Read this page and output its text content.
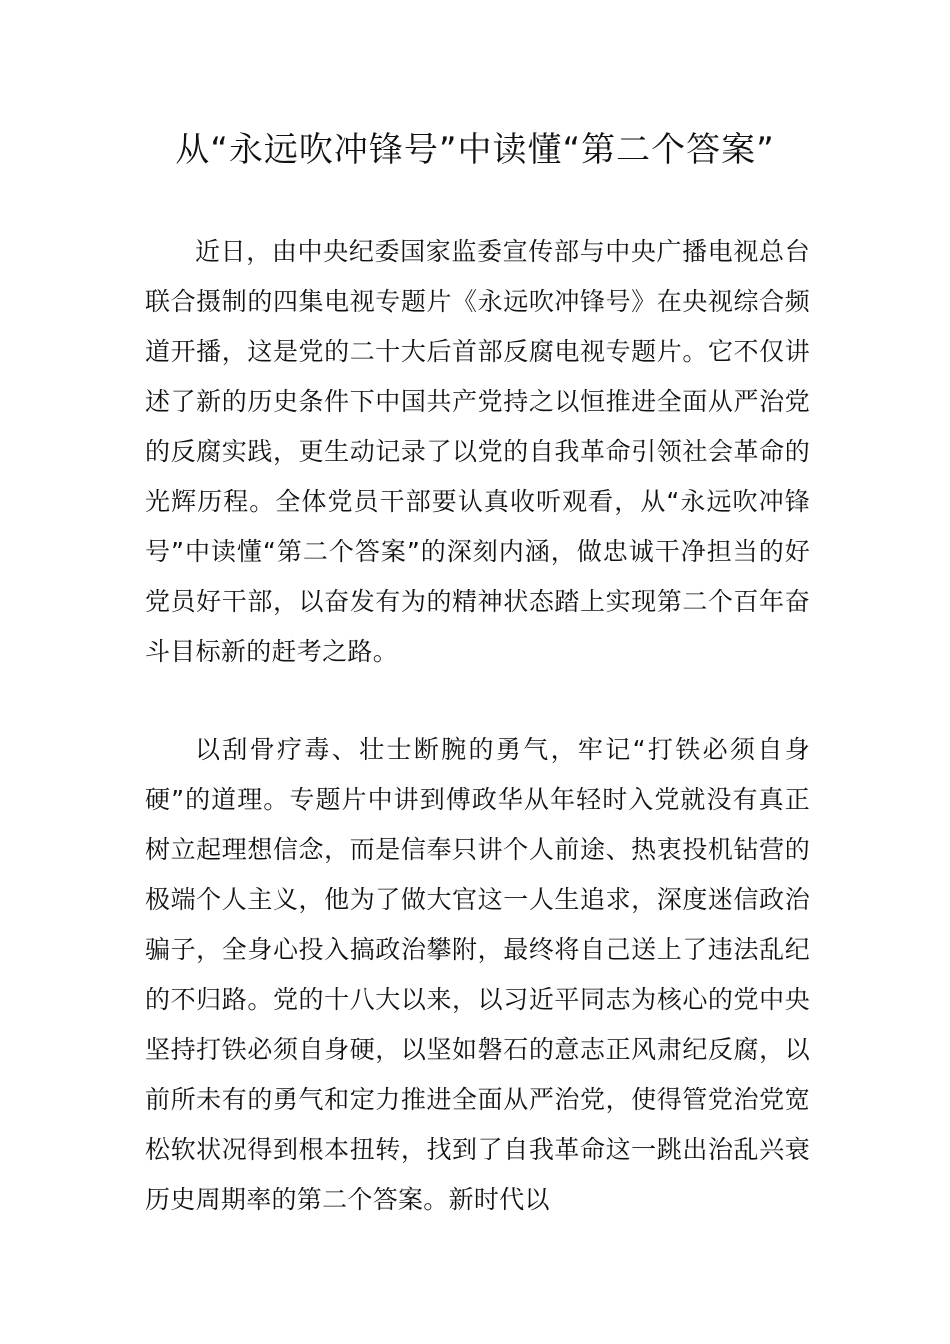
从“永远吹冲锋号”中读懂“第二个答案”

近日，由中央纪委国家监委宣传部与中央广播电视总台联合摄制的四集电视专题片《永远吹冲锋号》在央视综合频道开播，这是党的二十大后首部反腐电视专题片。它不仅讲述了新的历史条件下中国共产党持之以恒推进全面从严治党的反腐实践，更生动记录了以党的自我革命引领社会革命的光辉历程。全体党员干部要认真收听观看，从“永远吹冲锋号”中读懂“第二个答案”的深刻内涵，做忠诚干净担当的好党员好干部，以奋发有为的精神状态踏上实现第二个百年奋斗目标新的赶考之路。

以刮骨疗毒、壮士断腕的勇气，牢记“打铁必须自身硬”的道理。专题片中讲到傅政华从年轻时入党就没有真正树立起理想信念，而是信奉只讲个人前途、热衷投机钻营的极端个人主义，他为了做大官这一人生追求，深度迷信政治骗子，全身心投入搞政治攀附，最终将自己送上了违法乱纪的不归路。党的十八大以来，以习近平同志为核心的党中央坚持打铁必须自身硬，以坚如磐石的意志正风肃纪反腐，以前所未有的勇气和定力推进全面从严治党，使得管党治党宽松软状况得到根本扭转，找到了自我革命这一跳出治乱兴衰历史周期率的第二个答案。新时代以
